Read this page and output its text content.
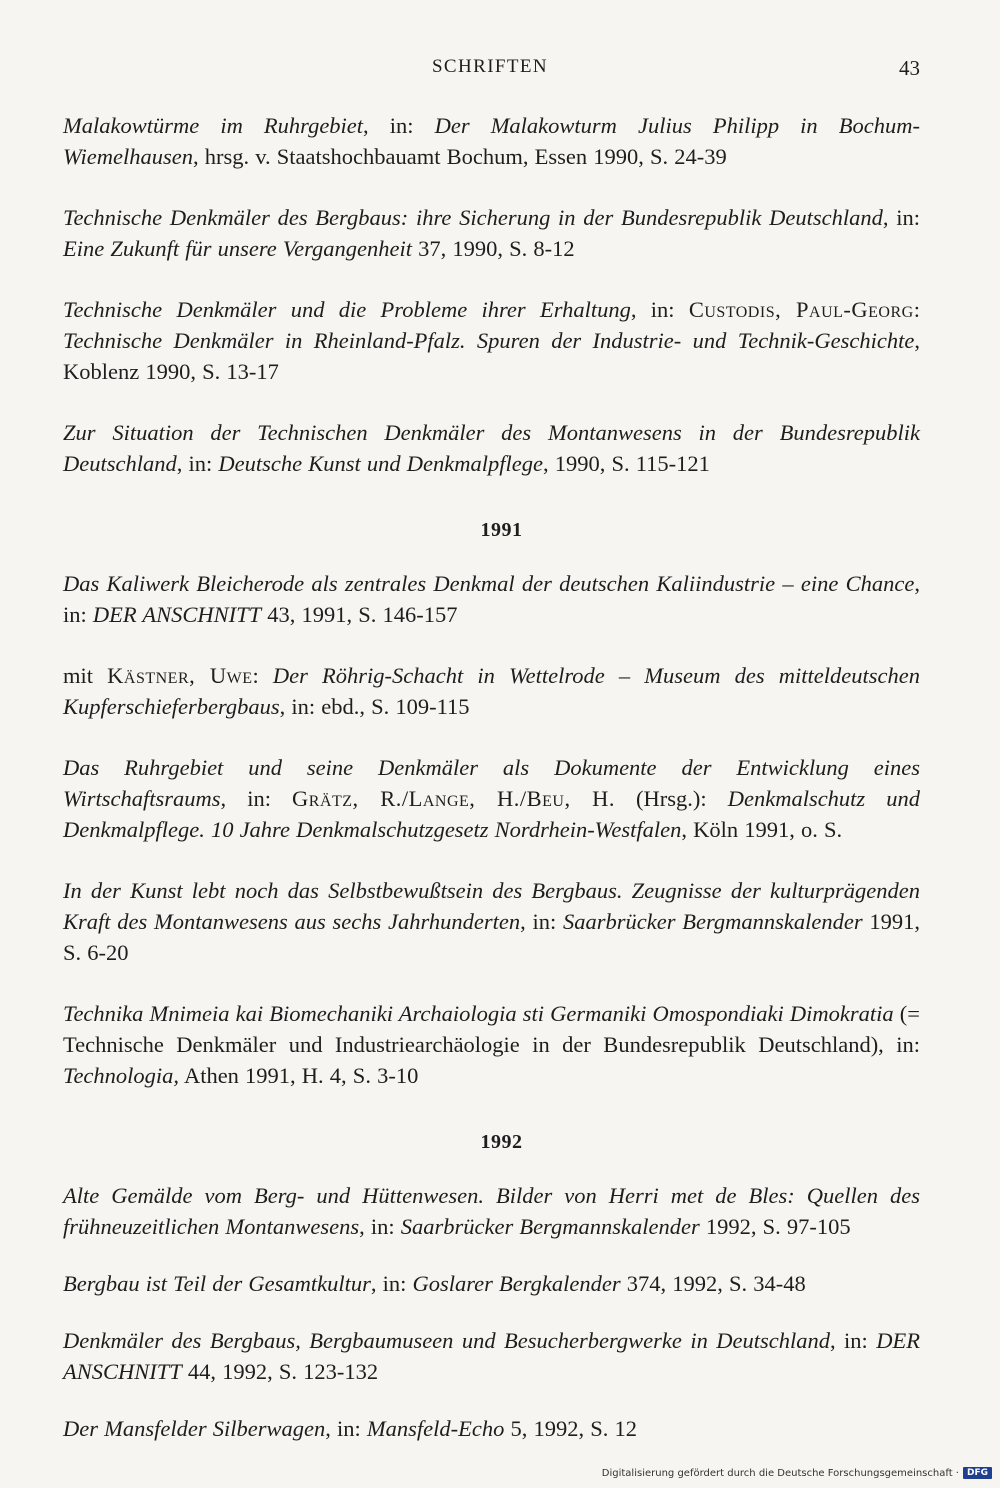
SCHRIFTEN	43

Malakowtürme im Ruhrgebiet, in: Der Malakowturm Julius Philipp in Bochum-Wiemelhausen, hrsg. v. Staatshochbauamt Bochum, Essen 1990, S. 24-39

Technische Denkmäler des Bergbaus: ihre Sicherung in der Bundesrepublik Deutschland, in: Eine Zukunft für unsere Vergangenheit 37, 1990, S. 8-12

Technische Denkmäler und die Probleme ihrer Erhaltung, in: Custodis, Paul-Georg: Technische Denkmäler in Rheinland-Pfalz. Spuren der Industrie- und Technik-Geschichte, Koblenz 1990, S. 13-17

Zur Situation der Technischen Denkmäler des Montanwesens in der Bundesrepublik Deutschland, in: Deutsche Kunst und Denkmalpflege, 1990, S. 115-121

1991

Das Kaliwerk Bleicherode als zentrales Denkmal der deutschen Kaliindustrie – eine Chance, in: DER ANSCHNITT 43, 1991, S. 146-157

mit Kästner, Uwe: Der Röhrig-Schacht in Wettelrode – Museum des mitteldeutschen Kupferschieferbergbaus, in: ebd., S. 109-115

Das Ruhrgebiet und seine Denkmäler als Dokumente der Entwicklung eines Wirtschaftsraums, in: Grätz, R./Lange, H./Beu, H. (Hrsg.): Denkmalschutz und Denkmalpflege. 10 Jahre Denkmalschutzgesetz Nordrhein-Westfalen, Köln 1991, o. S.

In der Kunst lebt noch das Selbstbewußtsein des Bergbaus. Zeugnisse der kulturprägenden Kraft des Montanwesens aus sechs Jahrhunderten, in: Saarbrücker Bergmannskalender 1991, S. 6-20

Technika Mnimeia kai Biomechaniki Archaiologia sti Germaniki Omospondiaki Dimokratia (= Technische Denkmäler und Industriearchäologie in der Bundesrepublik Deutschland), in: Technologia, Athen 1991, H. 4, S. 3-10

1992

Alte Gemälde vom Berg- und Hüttenwesen. Bilder von Herri met de Bles: Quellen des frühneuzeitlichen Montanwesens, in: Saarbrücker Bergmannskalender 1992, S. 97-105

Bergbau ist Teil der Gesamtkultur, in: Goslarer Bergkalender 374, 1992, S. 34-48

Denkmäler des Bergbaus, Bergbaumuseen und Besucherbergwerke in Deutschland, in: DER ANSCHNITT 44, 1992, S. 123-132

Der Mansfelder Silberwagen, in: Mansfeld-Echo 5, 1992, S. 12

Digitalisierung gefördert durch die Deutsche Forschungsgemeinschaft · DFG
